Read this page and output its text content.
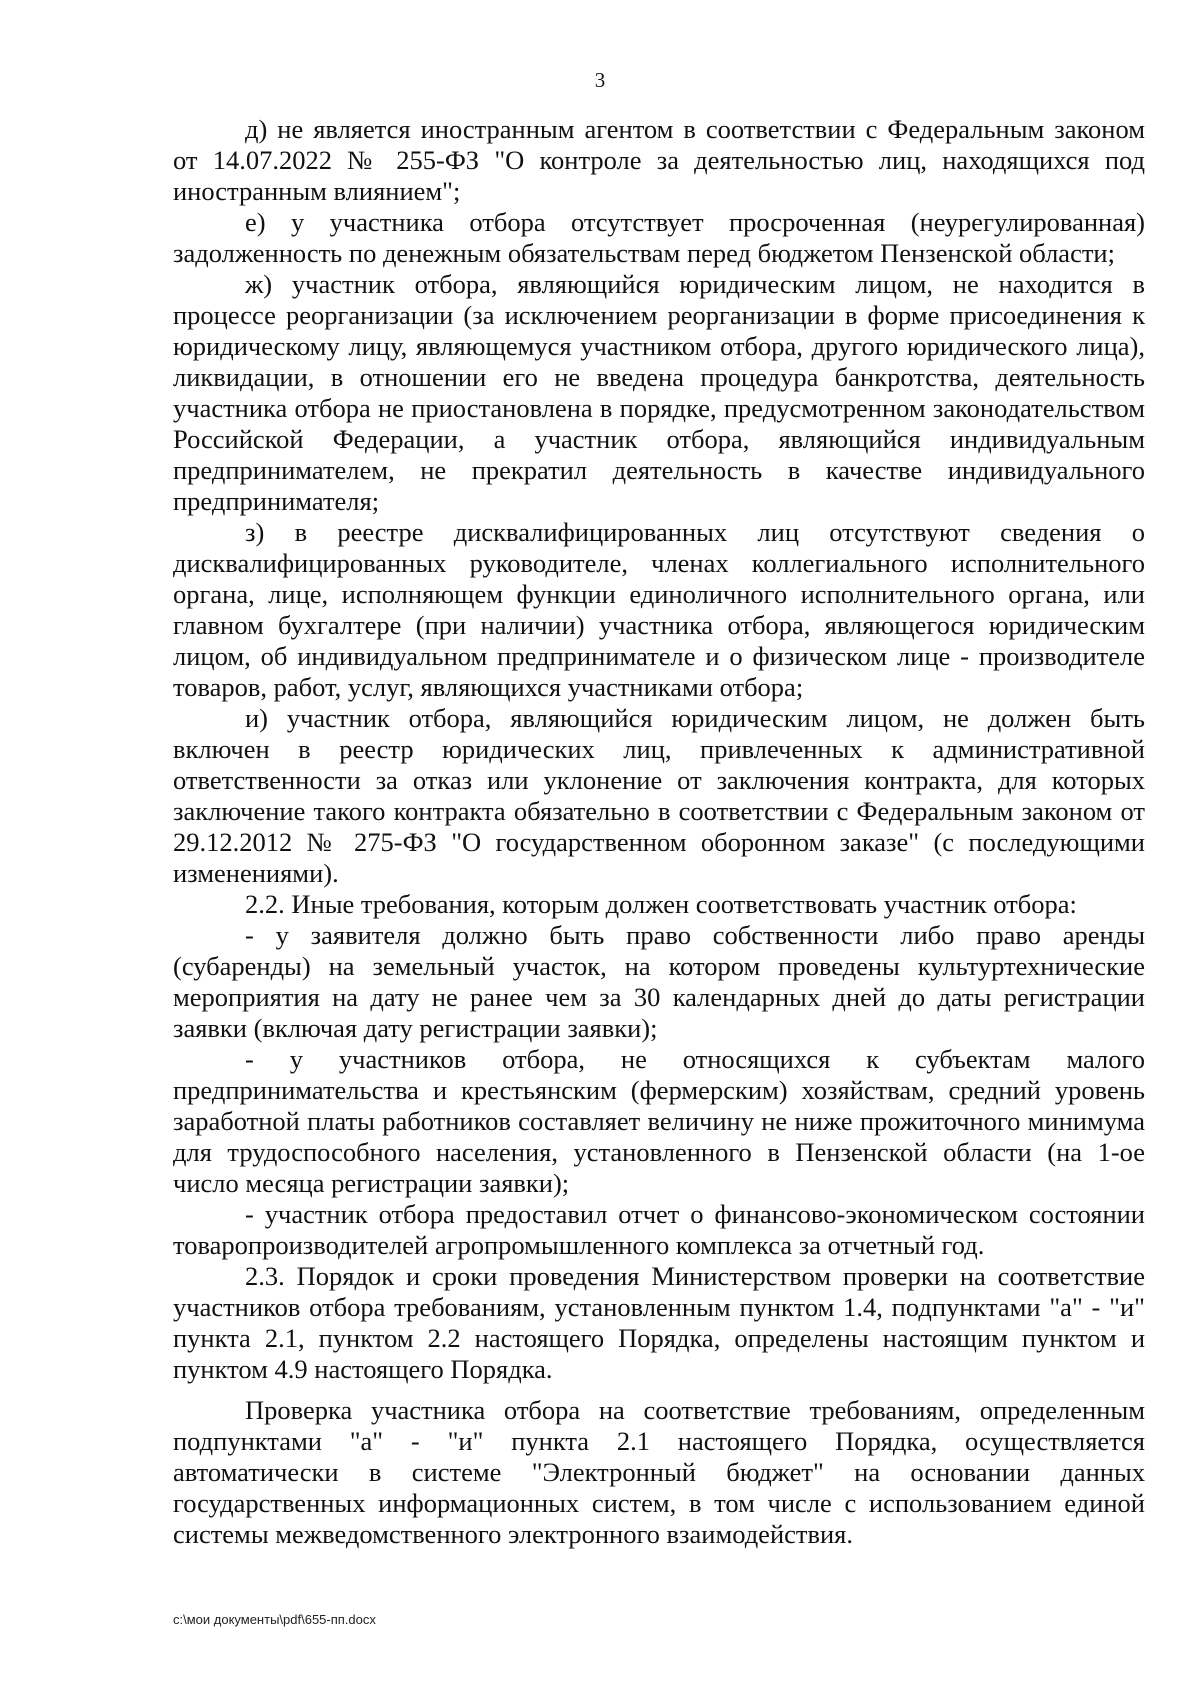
3

д) не является иностранным агентом в соответствии с Федеральным законом от 14.07.2022 № 255-ФЗ "О контроле за деятельностью лиц, находящихся под иностранным влиянием";

е) у участника отбора отсутствует просроченная (неурегулированная) задолженность по денежным обязательствам перед бюджетом Пензенской области;

ж) участник отбора, являющийся юридическим лицом, не находится в процессе реорганизации (за исключением реорганизации в форме присоединения к юридическому лицу, являющемуся участником отбора, другого юридического лица), ликвидации, в отношении его не введена процедура банкротства, деятельность участника отбора не приостановлена в порядке, предусмотренном законодательством Российской Федерации, а участник отбора, являющийся индивидуальным предпринимателем, не прекратил деятельность в качестве индивидуального предпринимателя;

з) в реестре дисквалифицированных лиц отсутствуют сведения о дисквалифицированных руководителе, членах коллегиального исполнительного органа, лице, исполняющем функции единоличного исполнительного органа, или главном бухгалтере (при наличии) участника отбора, являющегося юридическим лицом, об индивидуальном предпринимателе и о физическом лице - производителе товаров, работ, услуг, являющихся участниками отбора;

и) участник отбора, являющийся юридическим лицом, не должен быть включен в реестр юридических лиц, привлеченных к административной ответственности за отказ или уклонение от заключения контракта, для которых заключение такого контракта обязательно в соответствии с Федеральным законом от 29.12.2012 № 275-ФЗ "О государственном оборонном заказе" (с последующими изменениями).

2.2. Иные требования, которым должен соответствовать участник отбора:

- у заявителя должно быть право собственности либо право аренды (субаренды) на земельный участок, на котором проведены культуртехнические мероприятия на дату не ранее чем за 30 календарных дней до даты регистрации заявки (включая дату регистрации заявки);

- у участников отбора, не относящихся к субъектам малого предпринимательства и крестьянским (фермерским) хозяйствам, средний уровень заработной платы работников составляет величину не ниже прожиточного минимума для трудоспособного населения, установленного в Пензенской области (на 1-ое число месяца регистрации заявки);

- участник отбора предоставил отчет о финансово-экономическом состоянии товаропроизводителей агропромышленного комплекса за отчетный год.

2.3. Порядок и сроки проведения Министерством проверки на соответствие участников отбора требованиям, установленным пунктом 1.4, подпунктами "а" - "и" пункта 2.1, пунктом 2.2 настоящего Порядка, определены настоящим пунктом и пунктом 4.9 настоящего Порядка.

Проверка участника отбора на соответствие требованиям, определенным подпунктами "а" - "и" пункта 2.1 настоящего Порядка, осуществляется автоматически в системе "Электронный бюджет" на основании данных государственных информационных систем, в том числе с использованием единой системы межведомственного электронного взаимодействия.

c:\мои документы\pdf\655-пп.docx
